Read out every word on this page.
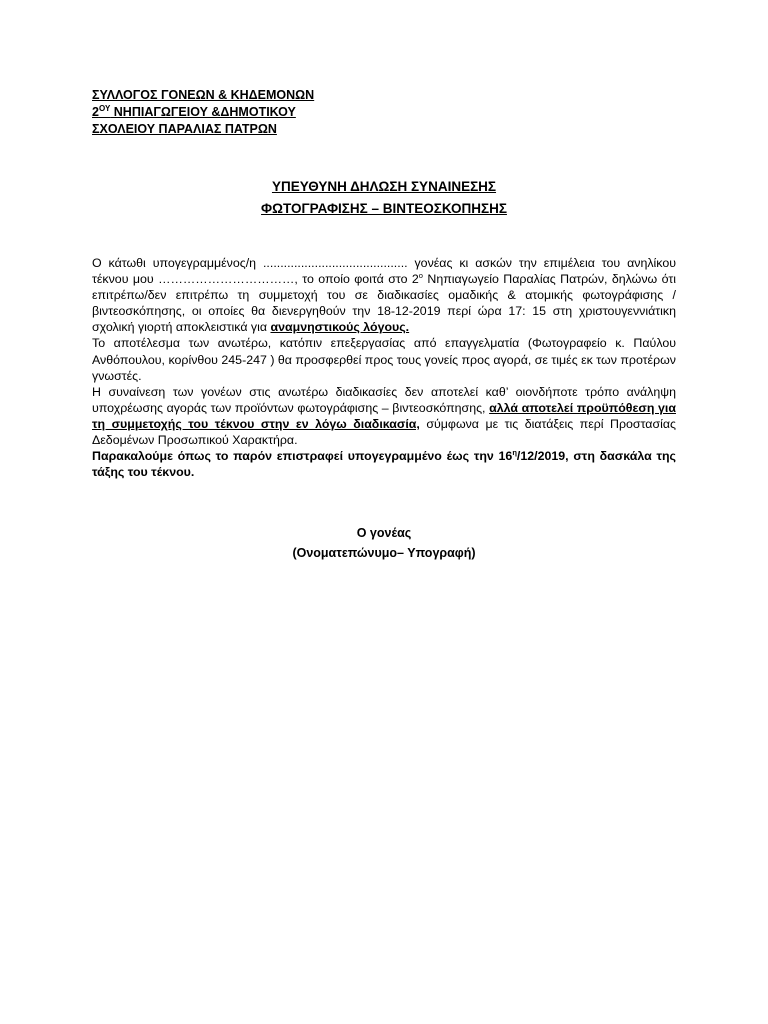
ΣΥΛΛΟΓΟΣ ΓΟΝΕΩΝ & ΚΗΔΕΜΟΝΩΝ
$2^{O\Upsilon}$ ΝΗΠΙΑΓΩΓΕΙΟΥ &ΔΗΜΟΤΙΚΟΥ
ΣΧΟΛΕΙΟΥ ΠΑΡΑΛΙΑΣ ΠΑΤΡΩΝ
ΥΠΕΥΘΥΝΗ ΔΗΛΩΣΗ ΣΥΝΑΙΝΕΣΗΣ
ΦΩΤΟΓΡΑΦΙΣΗΣ – ΒΙΝΤΕΟΣΚΟΠΗΣΗΣ

Ο κάτωθι υπογεγραμμένος/η .......................................... γονέας κι ασκών την επιμέλεια του ανηλίκου τέκνου μου ……………………………, το οποίο φοιτά στο $2^o$ Νηπιαγωγείο Παραλίας Πατρών, δηλώνω ότι επιτρέπω/δεν επιτρέπω τη συμμετοχή του σε διαδικασίες ομαδικής & ατομικής φωτογράφισης / βιντεοσκόπησης, οι οποίες θα διενεργηθούν την 18-12-2019 περί ώρα 17: 15 στη χριστουγεννιάτικη σχολική γιορτή αποκλειστικά για αναμνηστικούς λόγους.

Το αποτέλεσμα των ανωτέρω, κατόπιν επεξεργασίας από επαγγελματία (Φωτογραφείο κ. Παύλου Ανθόπουλου, κορίνθου 245-247 ) θα προσφερθεί προς τους γονείς προς αγορά, σε τιμές εκ των προτέρων γνωστές.

Η συναίνεση των γονέων στις ανωτέρω διαδικασίες δεν αποτελεί καθ’ οιονδήποτε τρόπο ανάληψη υποχρέωσης αγοράς των προϊόντων φωτογράφισης – βιντεοσκόπησης, αλλά αποτελεί προϋπόθεση για τη συμμετοχής του τέκνου στην εν λόγω διαδικασία, σύμφωνα με τις διατάξεις περί Προστασίας Δεδομένων Προσωπικού Χαρακτήρα.

Παρακαλούμε όπως το παρόν επιστραφεί υπογεγραμμένο έως την $16^\eta/12/2019$, στη δασκάλα της τάξης του τέκνου.

Ο γονέας
(Ονοματεπώνυμο– Υπογραφή)
